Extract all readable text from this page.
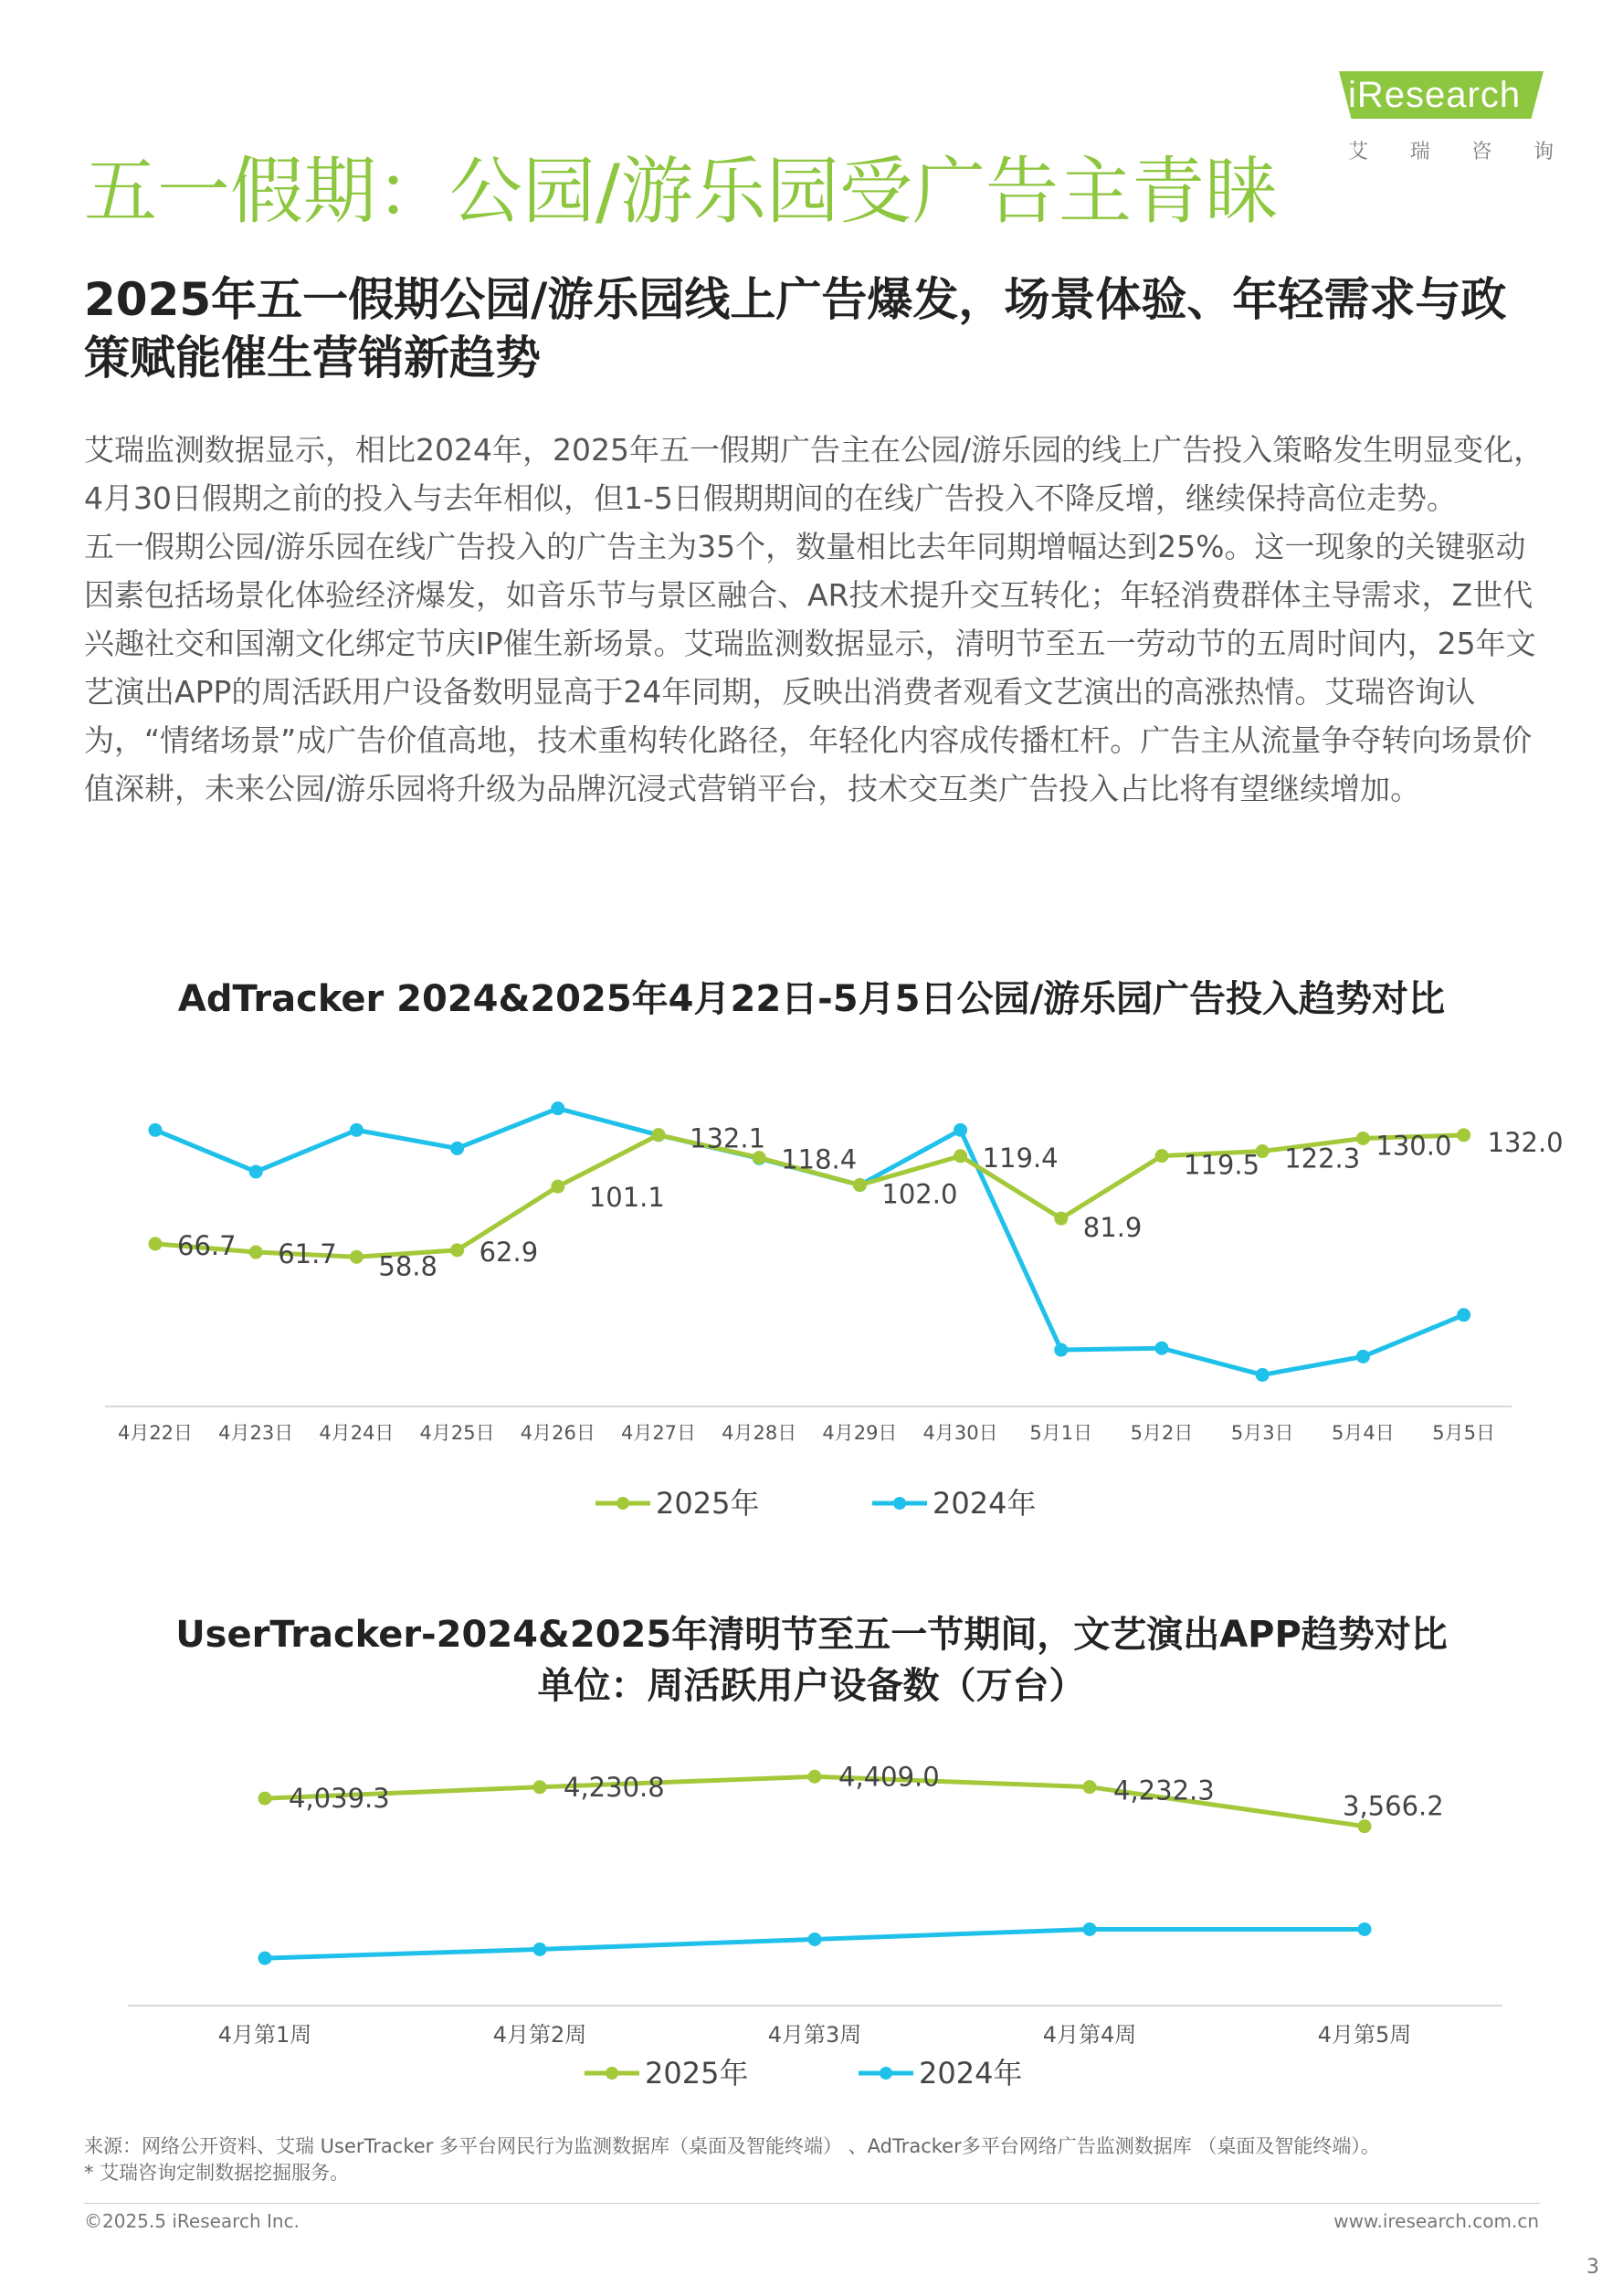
iResearch
艾 瑞 咨 询
五一假期：公园/游乐园受广告主青睐
2025年五一假期公园/游乐园线上广告爆发，场景体验、年轻需求与政策赋能催生营销新趋势

艾瑞监测数据显示，相比2024年，2025年五一假期广告主在公园/游乐园的线上广告投入策略发生明显变化，4月30日假期之前的投入与去年相似，但1-5日假期期间的在线广告投入不降反增，继续保持高位走势。

五一假期公园/游乐园在线广告投入的广告主为35个，数量相比去年同期增幅达到25%。这一现象的关键驱动因素包括场景化体验经济爆发，如音乐节与景区融合、AR技术提升交互转化；年轻消费群体主导需求，Z世代兴趣社交和国潮文化绑定节庆IP催生新场景。艾瑞监测数据显示，清明节至五一劳动节的五周时间内，25年文艺演出APP的周活跃用户设备数明显高于24年同期，反映出消费者观看文艺演出的高涨热情。艾瑞咨询认为，“情绪场景”成广告价值高地，技术重构转化路径，年轻化内容成传播杠杆。广告主从流量争夺转向场景价值深耕，未来公园/游乐园将升级为品牌沉浸式营销平台，技术交互类广告投入占比将有望继续增加。

AdTracker 2024&2025年4月22日-5月5日公园/游乐园广告投入趋势对比
4月22日 4月23日 4月24日 4月25日 4月26日 4月27日 4月28日 4月29日 4月30日 5月1日 5月2日 5月3日 5月4日 5月5日
66.7 61.7 58.8 62.9
101.1
132.1
118.4
102.0
119.4
81.9
119.5 122.3 130.0 132.0
2025年	2024年
UserTracker-2024&2025年清明节至五一节期间，文艺演出APP趋势对比
单位：周活跃用户设备数（万台）
4月第1周	4月第2周	4月第3周	4月第4周	4月第5周
4,039.3	4,230.8	4,409.0	4,232.3
3,566.2
2025年	2024年
来源：网络公开资料、艾瑞 UserTracker 多平台网民行为监测数据库（桌面及智能终端） 、AdTracker多平台网络广告监测数据库 （桌面及智能终端）。
* 艾瑞咨询定制数据挖掘服务。
©2025.5 iResearch Inc.	www.iresearch.com.cn
3
